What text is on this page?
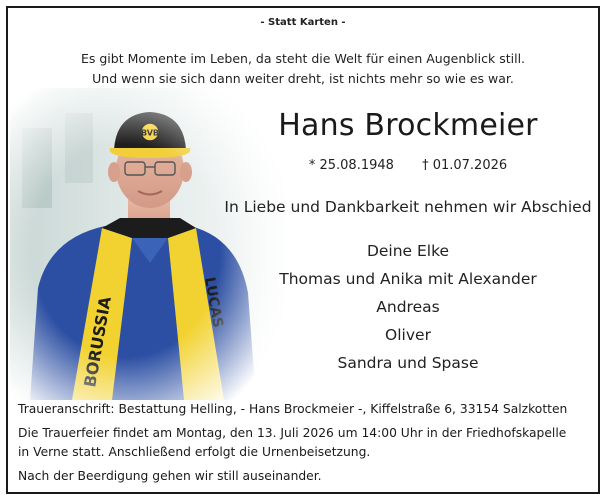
- Statt Karten -
Es gibt Momente im Leben, da steht die Welt für einen Augenblick still.
Und wenn sie sich dann weiter dreht, ist nichts mehr so wie es war.
Hans Brockmeier
* 25.08.1948 † 01.07.2026
In Liebe und Dankbarkeit nehmen wir Abschied
Deine Elke
Thomas und Anika mit Alexander
Andreas
Oliver
Sandra und Spase

Traueranschrift: Bestattung Helling, - Hans Brockmeier -, Kiffelstraße 6, 33154 Salzkotten

Die Trauerfeier findet am Montag, den 13. Juli 2026 um 14:00 Uhr in der Friedhofskapelle

in Verne statt. Anschließend erfolgt die Urnenbeisetzung.

Nach der Beerdigung gehen wir still auseinander.
